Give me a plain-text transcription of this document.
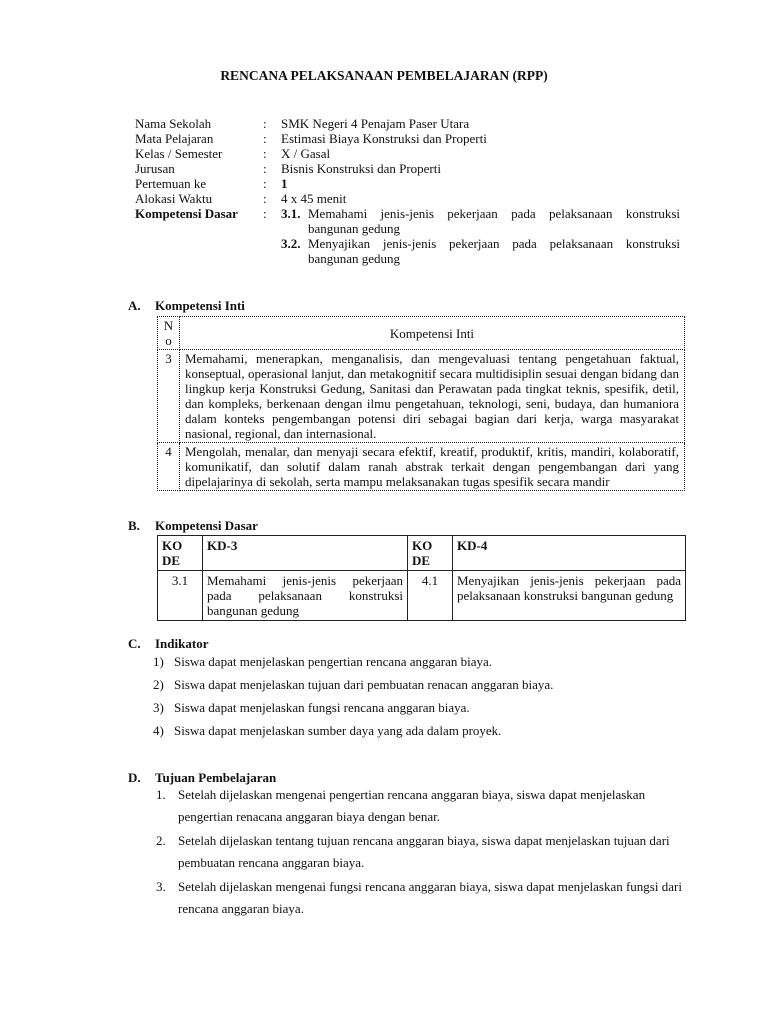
RENCANA PELAKSANAAN PEMBELAJARAN (RPP)
Nama Sekolah	:	SMK Negeri 4 Penajam Paser Utara
Mata Pelajaran	:	Estimasi Biaya Konstruksi dan Properti
Kelas / Semester	:	X / Gasal
Jurusan	:	Bisnis Konstruksi dan Properti
Pertemuan ke	:	1
Alokasi Waktu	:	4 x 45 menit
Kompetensi Dasar	:	3.1. Memahami jenis-jenis pekerjaan pada pelaksanaan konstruksi bangunan gedung
3.2. Menyajikan jenis-jenis pekerjaan pada pelaksanaan konstruksi bangunan gedung
A. Kompetensi Inti
N o	Kompetensi Inti
3	Memahami, menerapkan, menganalisis, dan mengevaluasi tentang pengetahuan faktual, konseptual, operasional lanjut, dan metakognitif secara multidisiplin sesuai dengan bidang dan lingkup kerja Konstruksi Gedung, Sanitasi dan Perawatan pada tingkat teknis, spesifik, detil, dan kompleks, berkenaan dengan ilmu pengetahuan, teknologi, seni, budaya, dan humaniora dalam konteks pengembangan potensi diri sebagai bagian dari kerja, warga masyarakat nasional, regional, dan internasional.
4	Mengolah, menalar, dan menyaji secara efektif, kreatif, produktif, kritis, mandiri, kolaboratif, komunikatif, dan solutif dalam ranah abstrak terkait dengan pengembangan dari yang dipelajarinya di sekolah, serta mampu melaksanakan tugas spesifik secara mandir
B. Kompetensi Dasar
KO DE	KD-3	KO DE	KD-4
3.1	Memahami jenis-jenis pekerjaan pada pelaksanaan konstruksi bangunan gedung	4.1	Menyajikan jenis-jenis pekerjaan pada pelaksanaan konstruksi bangunan gedung
C. Indikator
1) Siswa dapat menjelaskan pengertian rencana anggaran biaya.
2) Siswa dapat menjelaskan tujuan dari pembuatan renacan anggaran biaya.
3) Siswa dapat menjelaskan fungsi rencana anggaran biaya.
4) Siswa dapat menjelaskan sumber daya yang ada dalam proyek.
D. Tujuan Pembelajaran
1. Setelah dijelaskan mengenai pengertian rencana anggaran biaya, siswa dapat menjelaskan pengertian renacana anggaran biaya dengan benar.
2. Setelah dijelaskan tentang tujuan rencana anggaran biaya, siswa dapat menjelaskan tujuan dari pembuatan rencana anggaran biaya.
3. Setelah dijelaskan mengenai fungsi rencana anggaran biaya, siswa dapat menjelaskan fungsi dari rencana anggaran biaya.
